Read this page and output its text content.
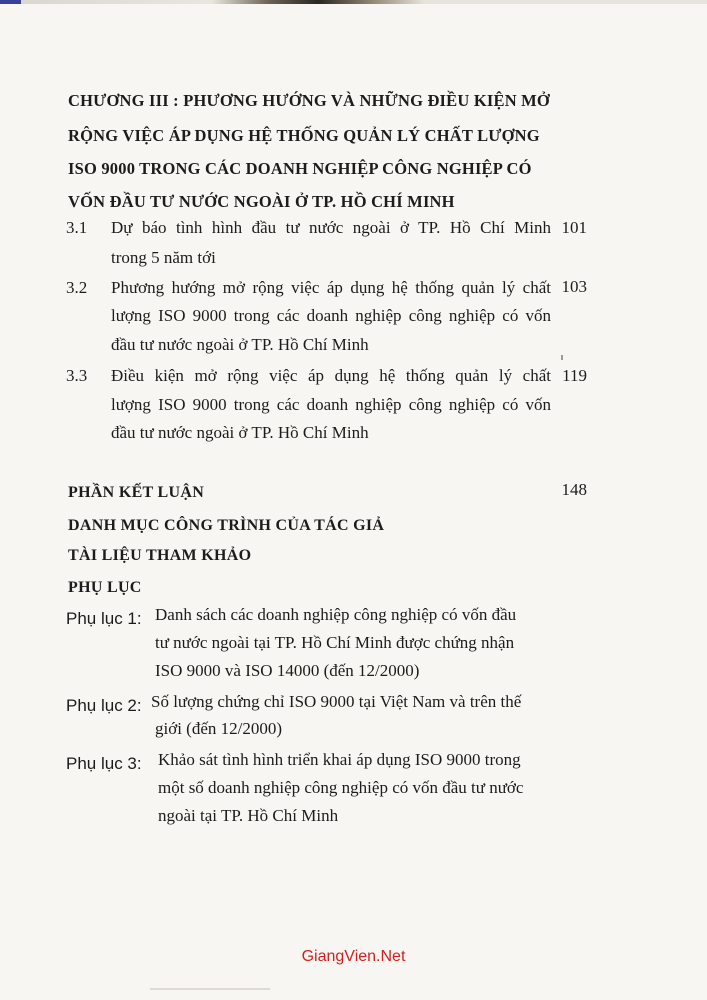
CHƯƠNG III : PHƯƠNG HƯỚNG VÀ NHỮNG ĐIỀU KIỆN MỞ
RỘNG VIỆC ÁP DỤNG HỆ THỐNG QUẢN LÝ CHẤT LƯỢNG
ISO 9000 TRONG CÁC DOANH NGHIỆP CÔNG NGHIỆP CÓ
VỐN ĐẦU TƯ NƯỚC NGOÀI Ở TP. HỒ CHÍ MINH
3.1 Dự báo tình hình đầu tư nước ngoài ở TP. Hồ Chí Minh
trong 5 năm tới
101
3.2 Phương hướng mở rộng việc áp dụng hệ thống quản lý chất
lượng ISO 9000 trong các doanh nghiệp công nghiệp có vốn
đầu tư nước ngoài ở TP. Hồ Chí Minh
103
3.3 Điều kiện mở rộng việc áp dụng hệ thống quản lý chất
lượng ISO 9000 trong các doanh nghiệp công nghiệp có vốn
đầu tư nước ngoài ở TP. Hồ Chí Minh
119
PHẦN KẾT LUẬN	148
DANH MỤC CÔNG TRÌNH CỦA TÁC GIẢ
TÀI LIỆU THAM KHẢO
PHỤ LỤC
Phụ lục 1: Danh sách các doanh nghiệp công nghiệp có vốn đầu
tư nước ngoài tại TP. Hồ Chí Minh được chứng nhận
ISO 9000 và ISO 14000 (đến 12/2000)
Phụ lục 2: Số lượng chứng chỉ ISO 9000 tại Việt Nam và trên thế
giới (đến 12/2000)
Phụ lục 3: Khảo sát tình hình triển khai áp dụng ISO 9000 trong
một số doanh nghiệp công nghiệp có vốn đầu tư nước
ngoài tại TP. Hồ Chí Minh
GiangVien.Net
